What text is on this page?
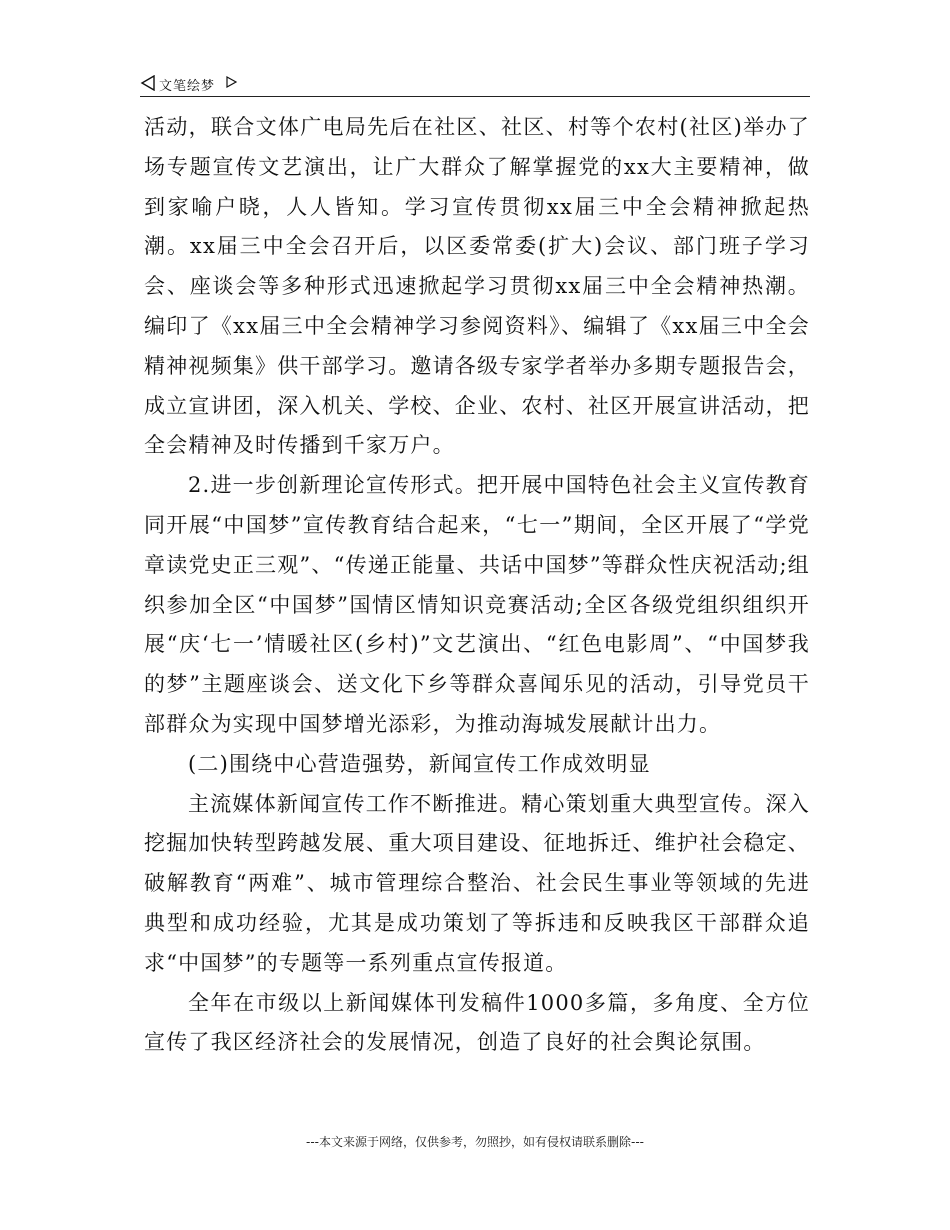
文笔绘梦

活动，联合文体广电局先后在社区、社区、村等个农村(社区)举办了场专题宣传文艺演出，让广大群众了解掌握党的xx大主要精神，做到家喻户晓，人人皆知。学习宣传贯彻xx届三中全会精神掀起热潮。xx届三中全会召开后，以区委常委(扩大)会议、部门班子学习会、座谈会等多种形式迅速掀起学习贯彻xx届三中全会精神热潮。编印了《xx届三中全会精神学习参阅资料》、编辑了《xx届三中全会精神视频集》供干部学习。邀请各级专家学者举办多期专题报告会，成立宣讲团，深入机关、学校、企业、农村、社区开展宣讲活动，把全会精神及时传播到千家万户。

2.进一步创新理论宣传形式。把开展中国特色社会主义宣传教育同开展“中国梦”宣传教育结合起来，“七一”期间，全区开展了“学党章读党史正三观”、“传递正能量、共话中国梦”等群众性庆祝活动;组织参加全区“中国梦”国情区情知识竞赛活动;全区各级党组织组织开展“庆‘七一’情暖社区(乡村)”文艺演出、“红色电影周”、“中国梦我的梦”主题座谈会、送文化下乡等群众喜闻乐见的活动，引导党员干部群众为实现中国梦增光添彩，为推动海城发展献计出力。

(二)围绕中心营造强势，新闻宣传工作成效明显

主流媒体新闻宣传工作不断推进。精心策划重大典型宣传。深入挖掘加快转型跨越发展、重大项目建设、征地拆迁、维护社会稳定、破解教育“两难”、城市管理综合整治、社会民生事业等领域的先进典型和成功经验，尤其是成功策划了等拆违和反映我区干部群众追求“中国梦”的专题等一系列重点宣传报道。

全年在市级以上新闻媒体刊发稿件1000多篇，多角度、全方位宣传了我区经济社会的发展情况，创造了良好的社会舆论氛围。

---本文来源于网络，仅供参考，勿照抄，如有侵权请联系删除---
